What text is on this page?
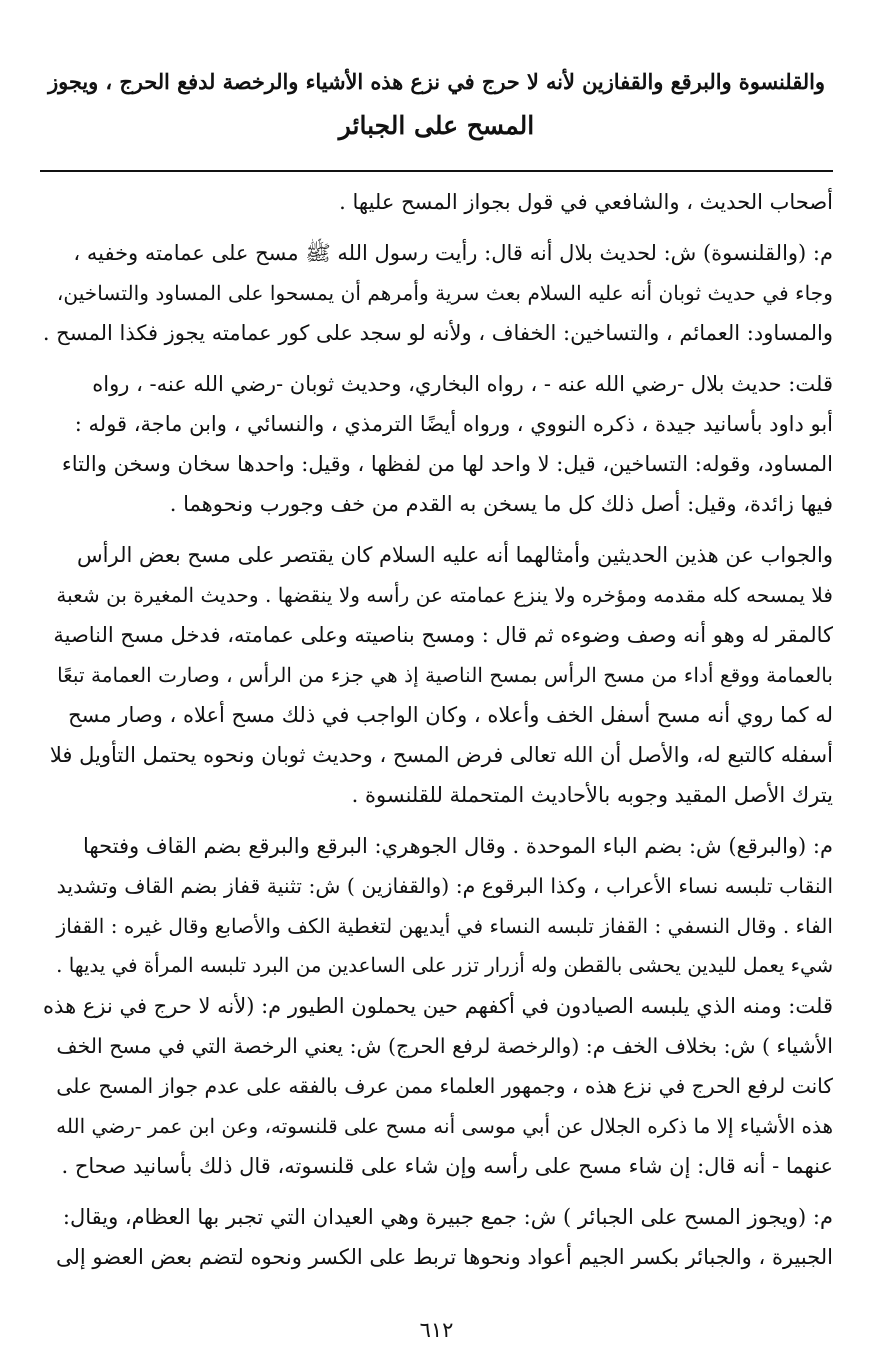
والقلنسوة والبرقع والقفازين لأنه لا حرج في نزع هذه الأشياء والرخصة لدفع الحرج ، ويجوز
المسح على الجبائر
أصحاب الحديث ، والشافعي في قول بجواز المسح عليها .
م: (والقلنسوة) ش: لحديث بلال أنه قال: رأيت رسول الله ﷺ مسح على عمامته وخفيه ،
وجاء في حديث ثوبان أنه عليه السلام بعث سرية وأمرهم أن يمسحوا على المساود والتساخين،
والمساود: العمائم ، والتساخين: الخفاف ، ولأنه لو سجد على كور عمامته يجوز فكذا المسح .
قلت: حديث بلال -رضي الله عنه - ، رواه البخاري، وحديث ثوبان -رضي الله عنه- ، رواه
أبو داود بأسانيد جيدة ، ذكره النووي ، ورواه أيضًا الترمذي ، والنسائي ، وابن ماجة، قوله :
المساود، وقوله: التساخين، قيل: لا واحد لها من لفظها ، وقيل: واحدها سخان وسخن والتاء
فيها زائدة، وقيل: أصل ذلك كل ما يسخن به القدم من خف وجورب ونحوهما .
والجواب عن هذين الحديثين وأمثالهما أنه عليه السلام كان يقتصر على مسح بعض الرأس
فلا يمسحه كله مقدمه ومؤخره ولا ينزع عمامته عن رأسه ولا ينقضها . وحديث المغيرة بن شعبة
كالمقر له وهو أنه وصف وضوءه ثم قال : ومسح بناصيته وعلى عمامته، فدخل مسح الناصية
بالعمامة ووقع أداء من مسح الرأس بمسح الناصية إذ هي جزء من الرأس ، وصارت العمامة تبعًا
له كما روي أنه مسح أسفل الخف وأعلاه ، وكان الواجب في ذلك مسح أعلاه ، وصار مسح
أسفله كالتبع له، والأصل أن الله تعالى فرض المسح ، وحديث ثوبان ونحوه يحتمل التأويل فلا
يترك الأصل المقيد وجوبه بالأحاديث المتحملة للقلنسوة .
م: (والبرقع) ش: بضم الباء الموحدة . وقال الجوهري: البرقع والبرقع بضم القاف وفتحها
النقاب تلبسه نساء الأعراب ، وكذا البرقوع م: (والقفازين ) ش: تثنية قفاز بضم القاف وتشديد
الفاء . وقال النسفي : القفاز تلبسه النساء في أيديهن لتغطية الكف والأصابع وقال غيره : القفاز
شيء يعمل لليدين يحشى بالقطن وله أزرار تزر على الساعدين من البرد تلبسه المرأة في يديها .
قلت: ومنه الذي يلبسه الصيادون في أكفهم حين يحملون الطيور م: (لأنه لا حرج في نزع هذه
الأشياء ) ش: بخلاف الخف م: (والرخصة لرفع الحرج) ش: يعني الرخصة التي في مسح الخف
كانت لرفع الحرج في نزع هذه ، وجمهور العلماء ممن عرف بالفقه على عدم جواز المسح على
هذه الأشياء إلا ما ذكره الجلال عن أبي موسى أنه مسح على قلنسوته، وعن ابن عمر -رضي الله
عنهما - أنه قال: إن شاء مسح على رأسه وإن شاء على قلنسوته، قال ذلك بأسانيد صحاح .
م: (ويجوز المسح على الجبائر ) ش: جمع جبيرة وهي العيدان التي تجبر بها العظام، ويقال:
الجبيرة ، والجبائر بكسر الجيم أعواد ونحوها تربط على الكسر ونحوه لتضم بعض العضو إلى
٦١٢
